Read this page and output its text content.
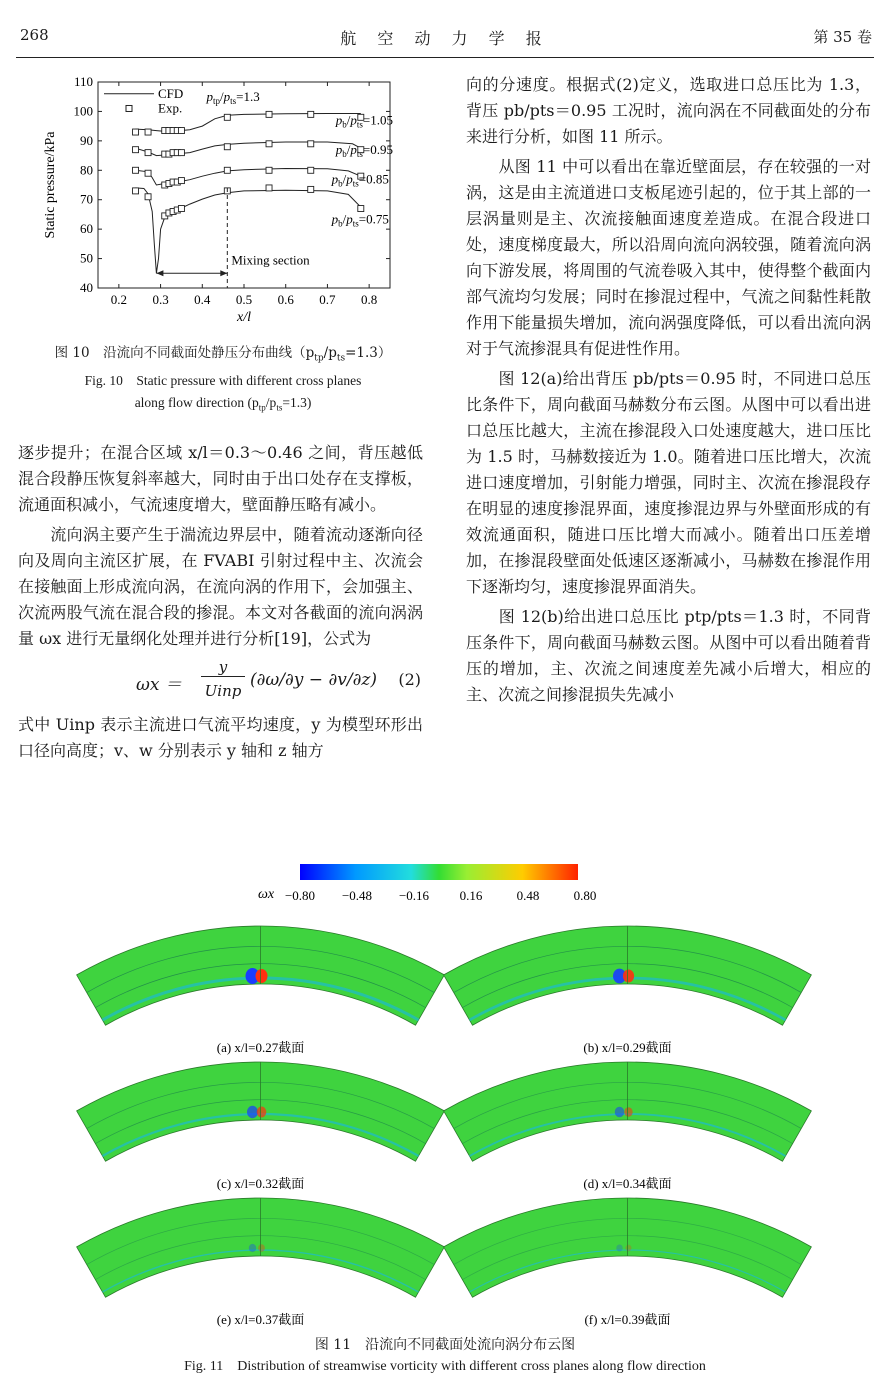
268	航 空 动 力 学 报	第 35 卷
0.2 0.3 0.4 0.5 0.6 0.7 0.8
40
50
60
70
80
90
100
110
x/l
Static pressure/kPa
$p_b/p_{ts}=1.05$
$p_b/p_{ts}=0.95$
$p_b/p_{ts}=0.85$
$p_b/p_{ts}=0.75$
$p_{tp}/p_{ts}=1.3$
CFD
Exp.
Mixing section

图 10　沿流向不同截面处静压分布曲线$(p_{tp}/p_{ts}=1.3)$

Fig. 10　Static pressure with different cross planes

along flow direction $(p_{tp}/p_{ts}=1.3)$

逐步提升；在混合区域 x/l＝0.3～0.46 之间，背压越低混合段静压恢复斜率越大，同时由于出口处存在支撑板，流通面积减小，气流速度增大，壁面静压略有减小。

　　流向涡主要产生于湍流边界层中，随着流动逐渐向径向及周向主流区扩展，在 FVABI 引射过程中主、次流会在接触面上形成流向涡，在流向涡的作用下，会加强主、次流两股气流在混合段的掺混。本文对各截面的流向涡涡量 ωx 进行无量纲化处理并进行分析[19]，公式为

ωx ＝
y
Uinp
(∂ω/∂y − ∂v/∂z) (2)

式中 Uinp 表示主流进口气流平均速度，y 为模型环形出口径向高度；v、w 分别表示 y 轴和 z 轴方

向的分速度。根据式(2)定义，选取进口总压比为 1.3，背压 pb/pts＝0.95 工况时，流向涡在不同截面处的分布来进行分析，如图 11 所示。

　　从图 11 中可以看出在靠近壁面层，存在较强的一对涡，这是由主流道进口支板尾迹引起的，位于其上部的一层涡量则是主、次流接触面速度差造成。在混合段进口处，速度梯度最大，所以沿周向流向涡较强，随着流向涡向下游发展，将周围的气流卷吸入其中，使得整个截面内部气流均匀发展；同时在掺混过程中，气流之间黏性耗散作用下能量损失增加，流向涡强度降低，可以看出流向涡对于气流掺混具有促进性作用。

　　图 12(a)给出背压 pb/pts＝0.95 时，不同进口总压比条件下，周向截面马赫数分布云图。从图中可以看出进口总压比越大，主流在掺混段入口处速度越大，进口压比为 1.5 时，马赫数接近为 1.0。随着进口压比增大，次流进口速度增加，引射能力增强，同时主、次流在掺混段存在明显的速度掺混界面，速度掺混边界与外壁面形成的有效流通面积，随进口压比增大而减小。随着出口压差增加，在掺混段壁面处低速区逐渐减小，马赫数在掺混作用下逐渐均匀，速度掺混界面消失。

　　图 12(b)给出进口总压比 ptp/pts＝1.3 时，不同背压条件下，周向截面马赫数云图。从图中可以看出随着背压的增加，主、次流之间速度差先减小后增大，相应的主、次流之间掺混损失先减小

ωx −0.80 −0.48 −0.16 0.16	0.48	0.80
(a) x/l=0.27截面	(b) x/l=0.29截面
(c) x/l=0.32截面	(d) x/l=0.34截面
(e) x/l=0.37截面	(f) x/l=0.39截面

图 11　沿流向不同截面处流向涡分布云图

Fig. 11　Distribution of streamwise vorticity with different cross planes along flow direction
